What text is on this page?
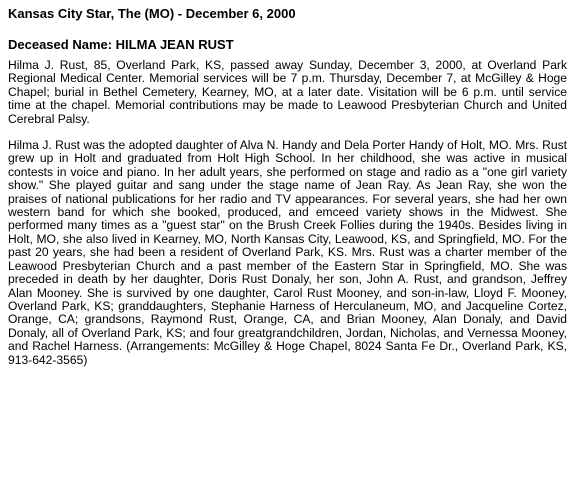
Kansas City Star, The (MO) - December 6, 2000
Deceased Name: HILMA JEAN RUST

Hilma J. Rust, 85, Overland Park, KS, passed away Sunday, December 3, 2000, at Overland Park Regional Medical Center. Memorial services will be 7 p.m. Thursday, December 7, at McGilley & Hoge Chapel; burial in Bethel Cemetery, Kearney, MO, at a later date. Visitation will be 6 p.m. until service time at the chapel. Memorial contributions may be made to Leawood Presbyterian Church and United Cerebral Palsy.

Hilma J. Rust was the adopted daughter of Alva N. Handy and Dela Porter Handy of Holt, MO. Mrs. Rust grew up in Holt and graduated from Holt High School. In her childhood, she was active in musical contests in voice and piano. In her adult years, she performed on stage and radio as a "one girl variety show." She played guitar and sang under the stage name of Jean Ray. As Jean Ray, she won the praises of national publications for her radio and TV appearances. For several years, she had her own western band for which she booked, produced, and emceed variety shows in the Midwest. She performed many times as a "guest star" on the Brush Creek Follies during the 1940s. Besides living in Holt, MO, she also lived in Kearney, MO, North Kansas City, Leawood, KS, and Springfield, MO. For the past 20 years, she had been a resident of Overland Park, KS. Mrs. Rust was a charter member of the Leawood Presbyterian Church and a past member of the Eastern Star in Springfield, MO. She was preceded in death by her daughter, Doris Rust Donaly, her son, John A. Rust, and grandson, Jeffrey Alan Mooney. She is survived by one daughter, Carol Rust Mooney, and son-in-law, Lloyd F. Mooney, Overland Park, KS; granddaughters, Stephanie Harness of Herculaneum, MO, and Jacqueline Cortez, Orange, CA; grandsons, Raymond Rust, Orange, CA, and Brian Mooney, Alan Donaly, and David Donaly, all of Overland Park, KS; and four greatgrandchildren, Jordan, Nicholas, and Vernessa Mooney, and Rachel Harness. (Arrangements: McGilley & Hoge Chapel, 8024 Santa Fe Dr., Overland Park, KS, 913-642-3565)
